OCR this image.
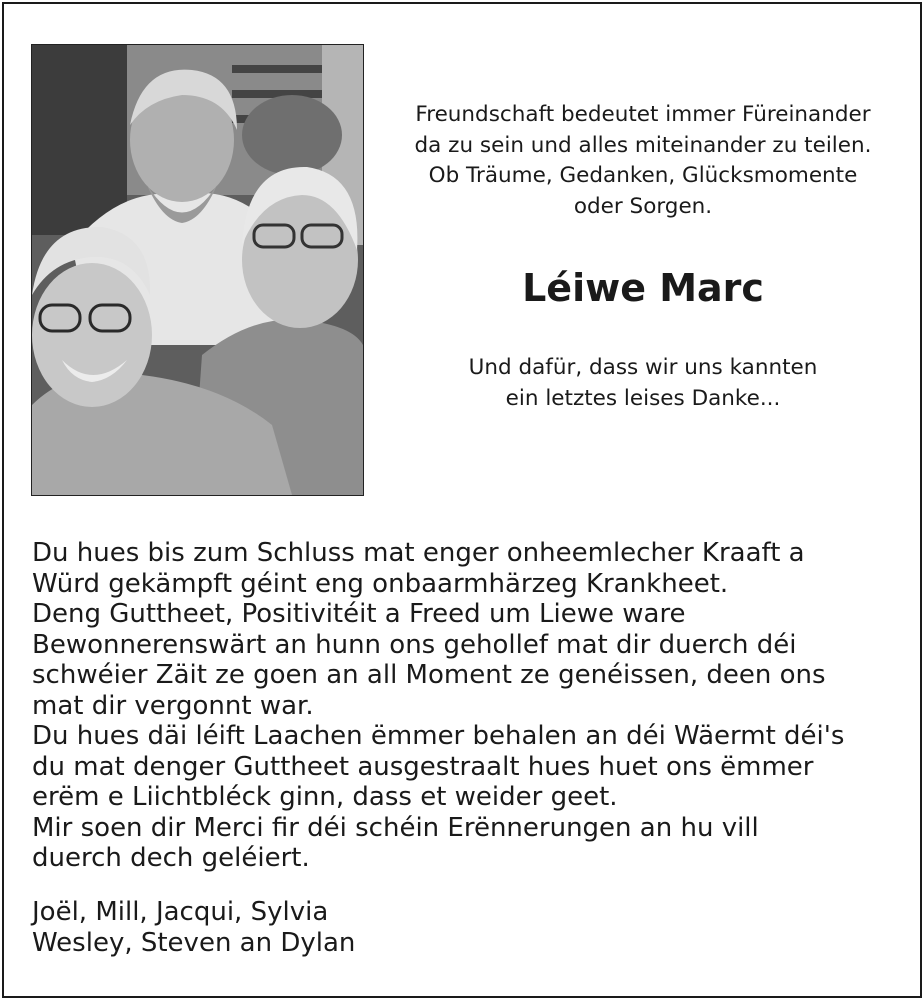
Freundschaft bedeutet immer Füreinander
da zu sein und alles miteinander zu teilen.
Ob Träume, Gedanken, Glücksmomente
oder Sorgen.
Léiwe Marc
Und dafür, dass wir uns kannten
ein letztes leises Danke...
Du hues bis zum Schluss mat enger onheemlecher Kraaft a
Würd gekämpft géint eng onbaarmhärzeg Krankheet.
Deng Guttheet, Positivitéit a Freed um Liewe ware
Bewonnerenswärt an hunn ons gehollef mat dir duerch déi
schwéier Zäit ze goen an all Moment ze genéissen, deen ons
mat dir vergonnt war.
Du hues däi léift Laachen ëmmer behalen an déi Wäermt déi's
du mat denger Guttheet ausgestraalt hues huet ons ëmmer
erëm e Liichtbléck ginn, dass et weider geet.
Mir soen dir Merci fir déi schéin Erënnerungen an hu vill
duerch dech geléiert.
Joël, Mill, Jacqui, Sylvia
Wesley, Steven an Dylan
